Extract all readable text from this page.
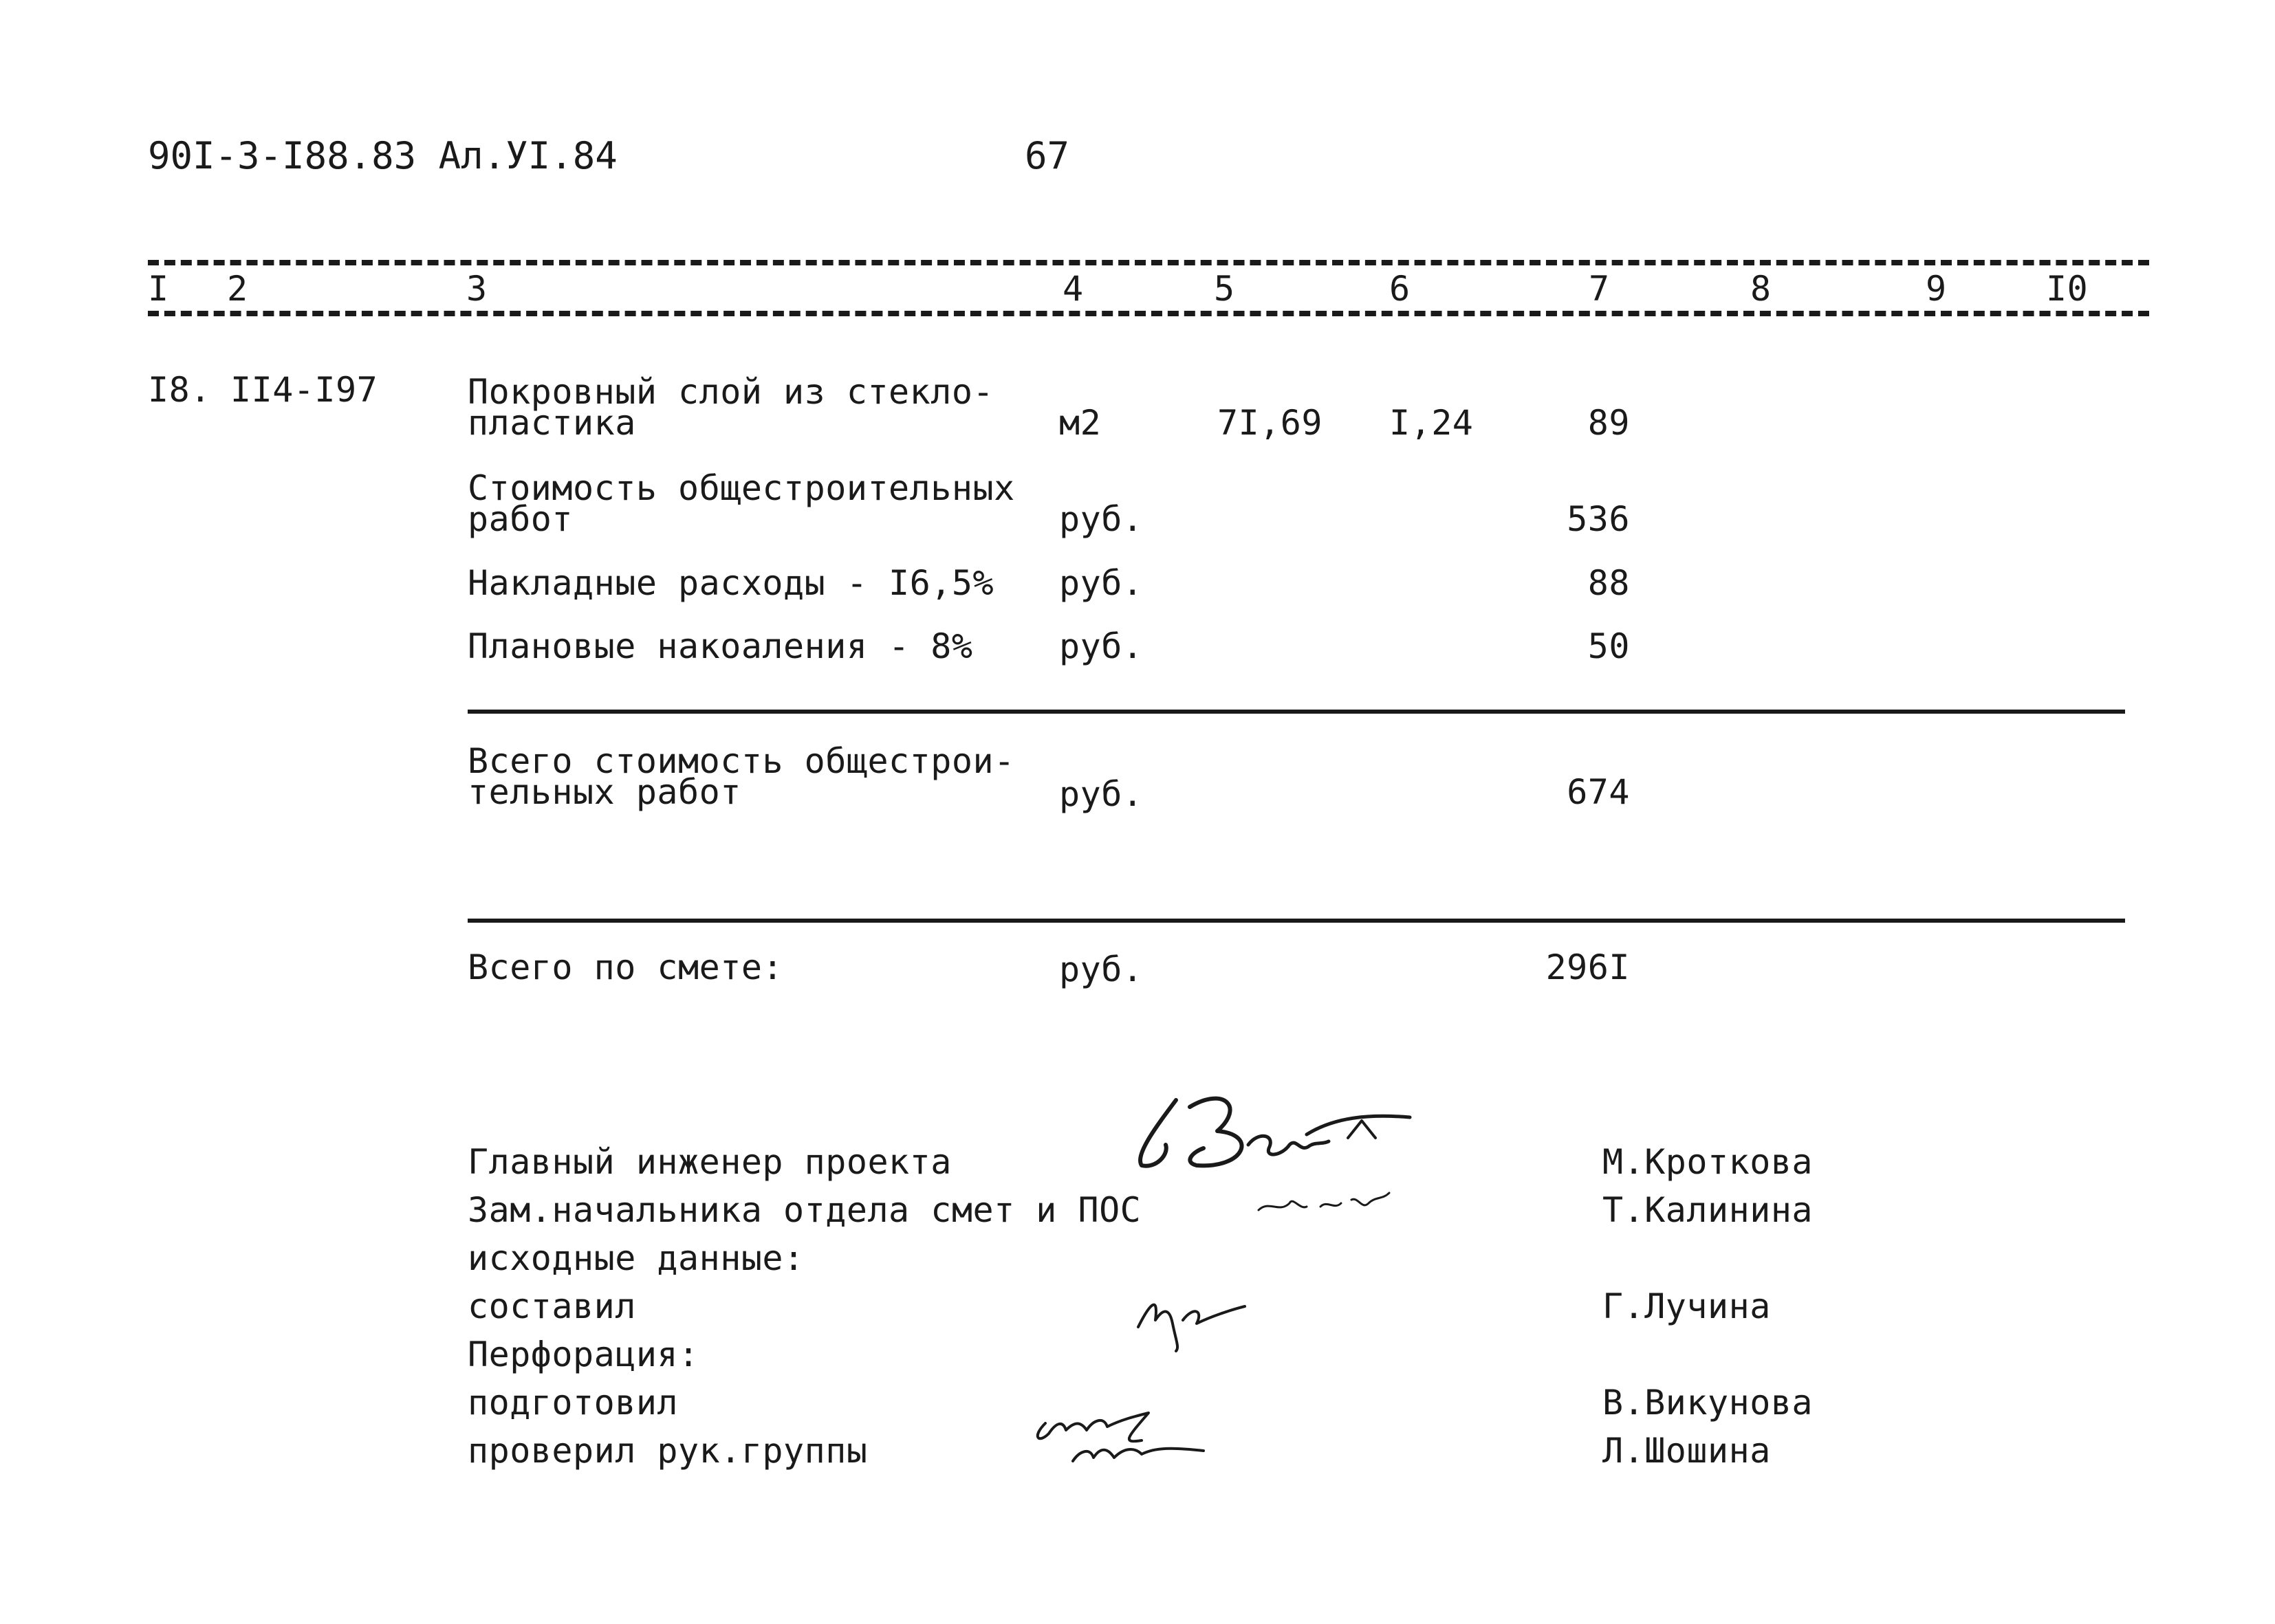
90I-3-I88.83 Ал.УI.84	67
I 2	3	4	5	6	7	8	9	I0
I8. II4-I97	Покровный слой из стекло-
пластика	м2	7I,69 I,24	89
Стоимость общестроительных
работ	руб.	536
Накладные расходы - I6,5% руб.	88
Плановые накоаления - 8%	руб.	50
Всего стоимость общестрои-
тельных работ	руб.	674
Всего по смете:	руб.	296I
Главный инженер проекта
Зам.начальника отдела смет и ПОС
исходные данные:
составил
Перфорация:
подготовил
проверил рук.группы
М.Кроткова
Т.Калинина
Г.Лучина
В.Викунова
Л.Шошина
